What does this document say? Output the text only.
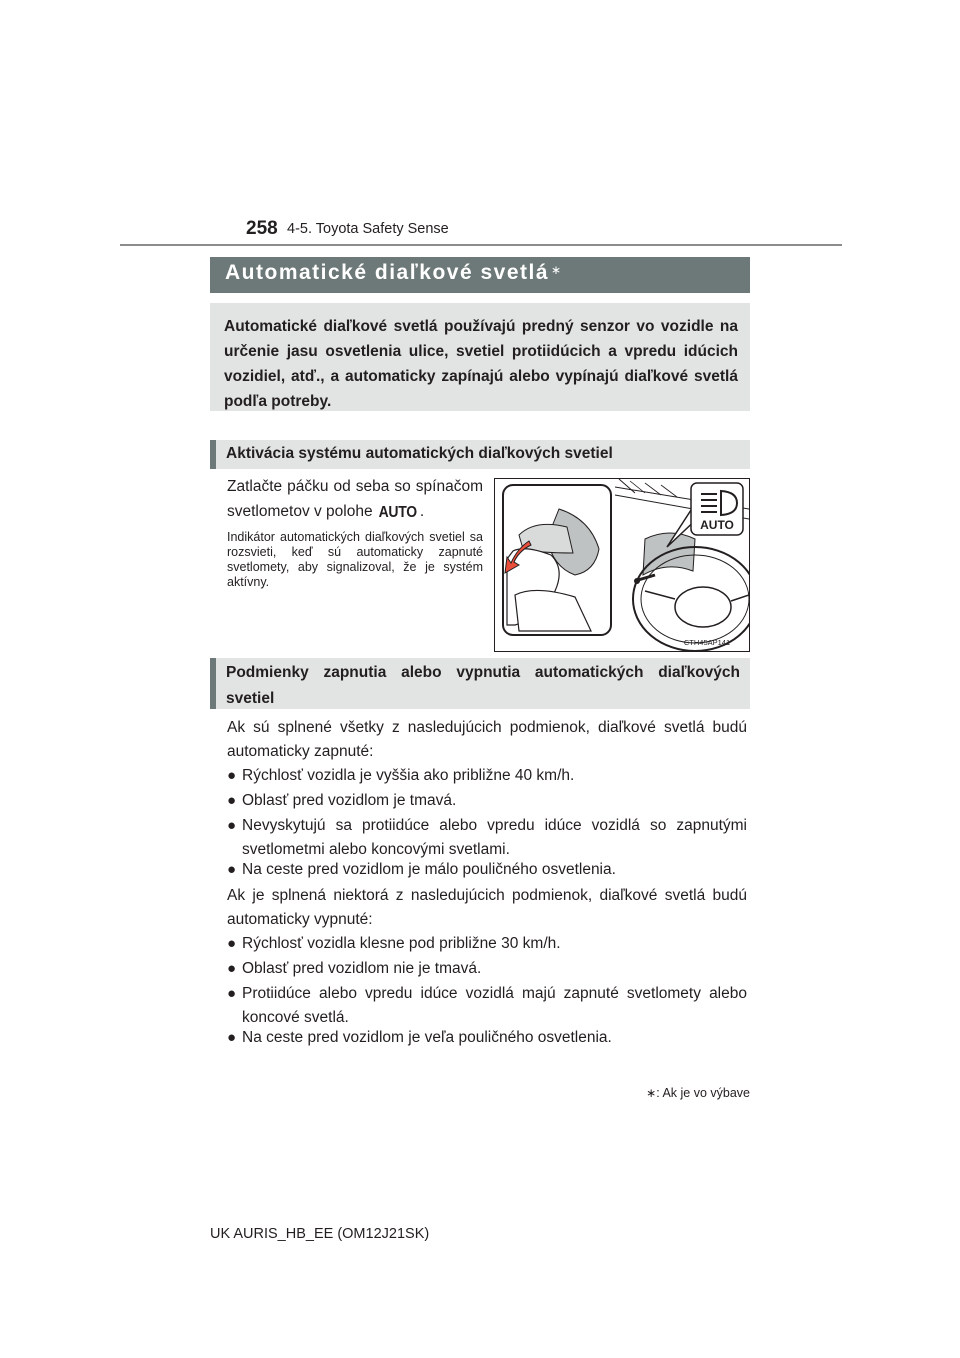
258 4-5. Toyota Safety Sense
Automatické diaľkové svetlá ∗

Automatické diaľkové svetlá používajú predný senzor vo vozidle na určenie jasu osvetlenia ulice, svetiel protiidúcich a vpredu idúcich vozidiel, atď., a automaticky zapínajú alebo vypínajú diaľkové svetlá podľa potreby.

Aktivácia systému automatických diaľkových svetiel

Zatlačte páčku od seba so spínačom svetlometov v polohe AUTO .

Indikátor automatických diaľkových svetiel sa rozsvieti, keď sú automaticky zapnuté svetlomety, aby signalizoval, že je systém aktívny.

AUTO
CTH45AP141

Podmienky zapnutia alebo vypnutia automatických diaľkových

svetiel

Ak sú splnené všetky z nasledujúcich podmienok, diaľkové svetlá budú automaticky zapnuté:

● Rýchlosť vozidla je vyššia ako približne 40 km/h.
● Oblasť pred vozidlom je tmavá.
● Nevyskytujú sa protiidúce alebo vpredu idúce vozidlá so zapnutými svetlometmi alebo koncovými svetlami.
● Na ceste pred vozidlom je málo pouličného osvetlenia.

Ak je splnená niektorá z nasledujúcich podmienok, diaľkové svetlá budú automaticky vypnuté:

● Rýchlosť vozidla klesne pod približne 30 km/h.
● Oblasť pred vozidlom nie je tmavá.
● Protiidúce alebo vpredu idúce vozidlá majú zapnuté svetlomety alebo koncové svetlá.
● Na ceste pred vozidlom je veľa pouličného osvetlenia.
∗: Ak je vo výbave
UK AURIS_HB_EE (OM12J21SK)
